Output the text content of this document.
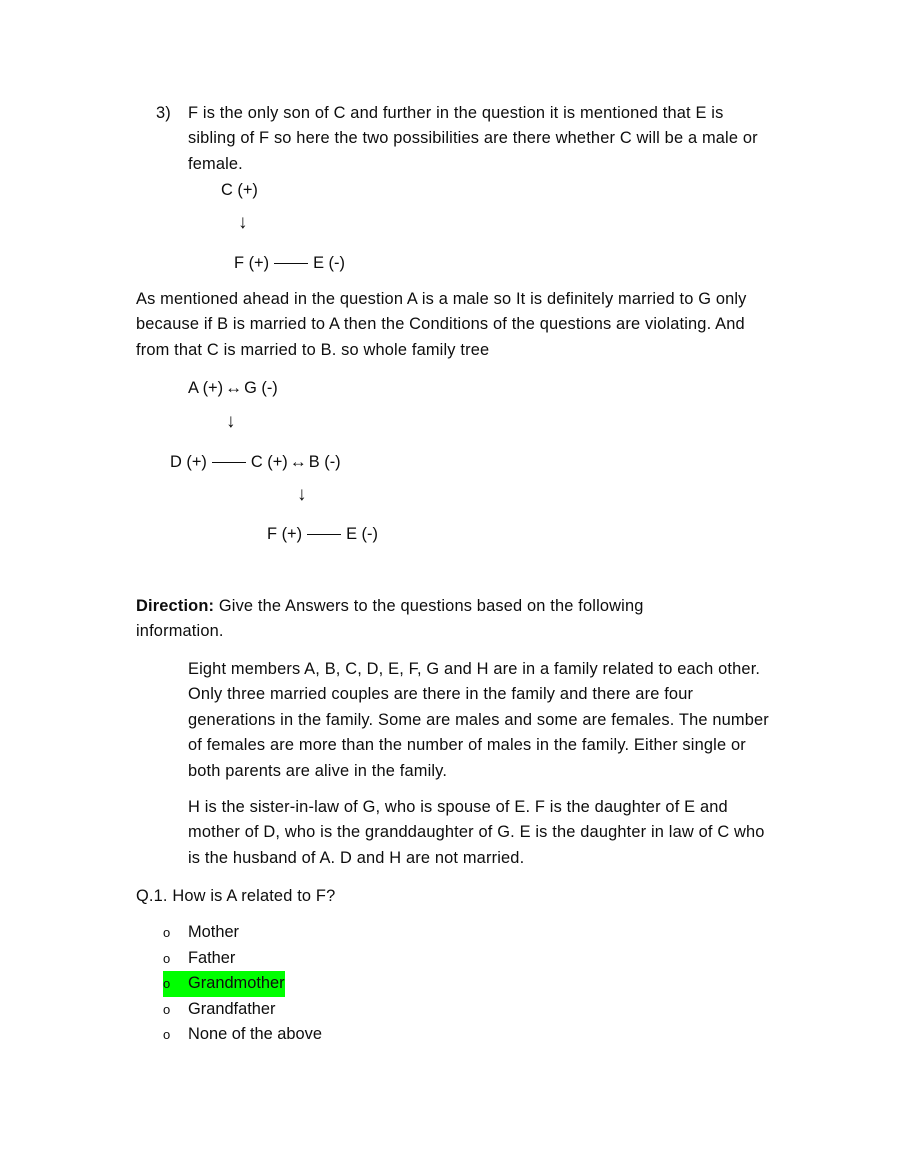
3)	F is the only son of C and further in the question it is mentioned that E is sibling of F so here the two possibilities are there whether C will be a male or female.
C (+)
↓
F (+)	E (-)
As mentioned ahead in the question A is a male so It is definitely married to G only because if B is married to A then the Conditions of the questions are violating. And from that C is married to B. so whole family tree
A (+) ↔ G (-)
↓
D (+)	C (+) ↔ B (-)
↓
F (+)	E (-)
Direction: Give the Answers to the questions based on the following information.
Eight members A, B, C, D, E, F, G and H are in a family related to each other. Only three married couples are there in the family and there are four generations in the family. Some are males and some are females. The number of females are more than the number of males in the family. Either single or both parents are alive in the family.
H is the sister-in-law of G, who is spouse of E. F is the daughter of E and mother of D, who is the granddaughter of G. E is the daughter in law of C who is the husband of A. D and H are not married.
Q.1. How is A related to F?
o Mother
o Father
o Grandmother
o Grandfather
o None of the above
